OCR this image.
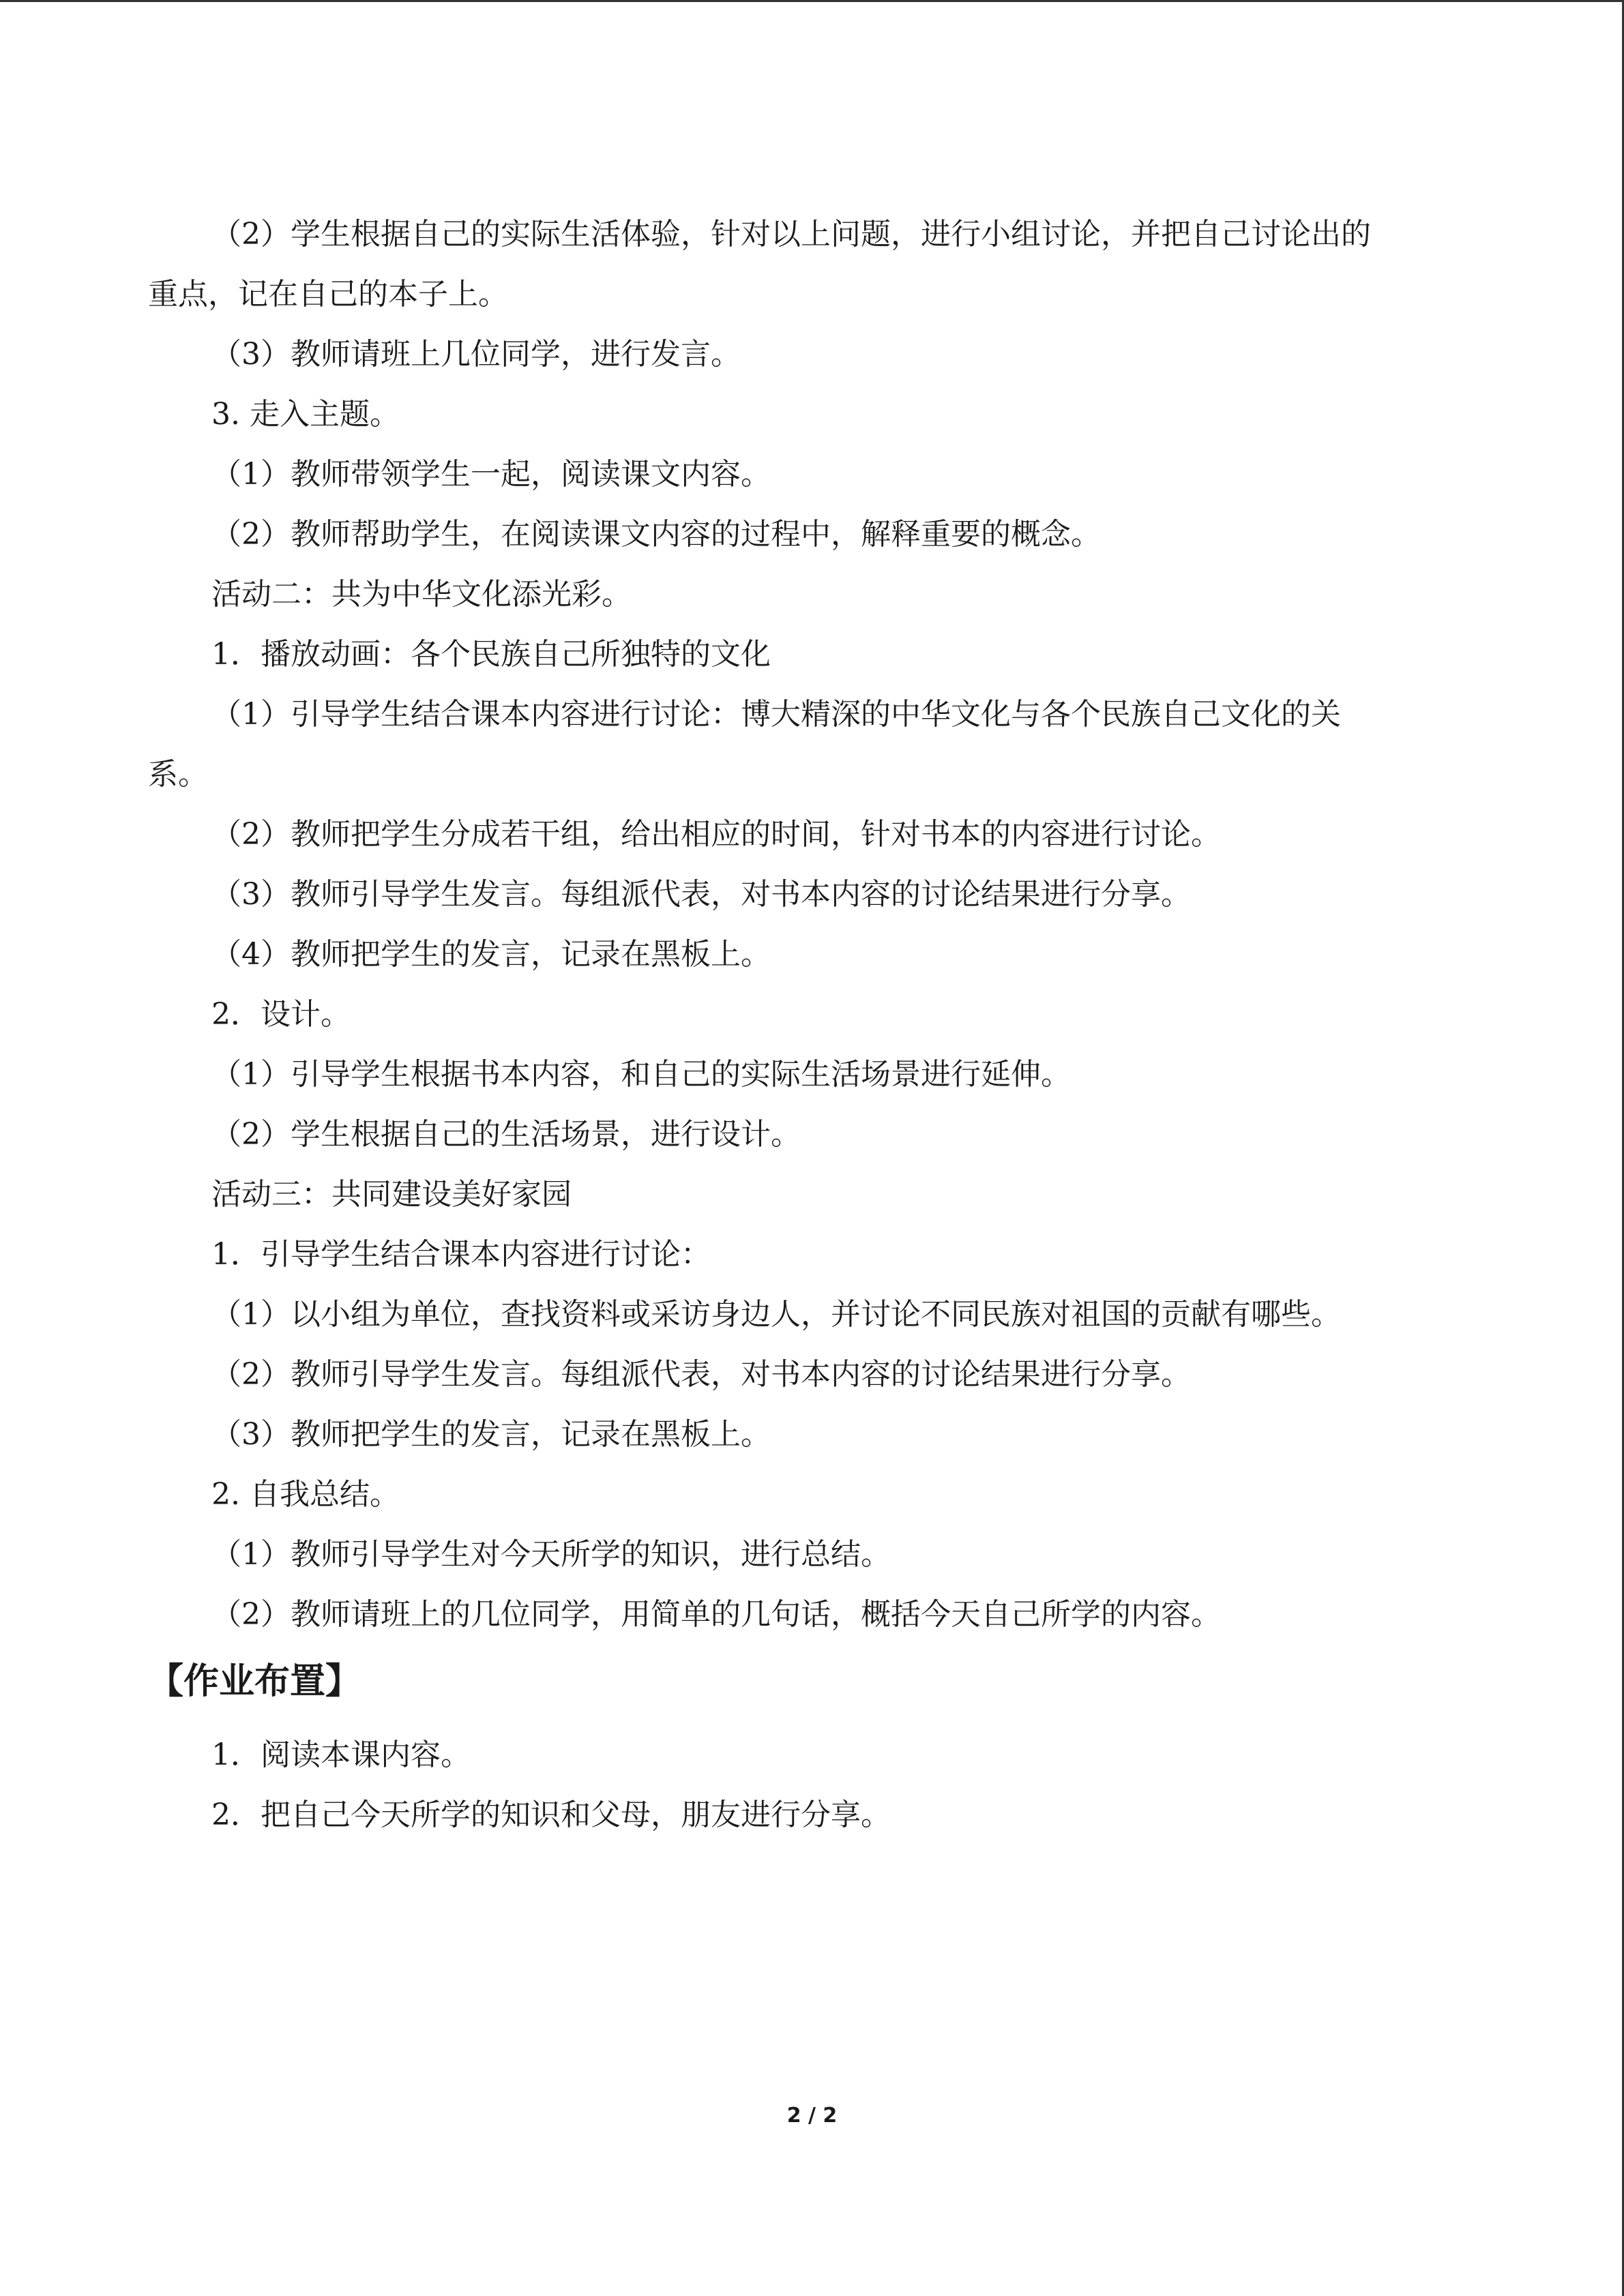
（2）学生根据自己的实际生活体验，针对以上问题，进行小组讨论，并把自己讨论出的
重点，记在自己的本子上。
（3）教师请班上几位同学，进行发言。
3. 走入主题。
（1）教师带领学生一起，阅读课文内容。
（2）教师帮助学生，在阅读课文内容的过程中，解释重要的概念。
活动二：共为中华文化添光彩。
1．播放动画：各个民族自己所独特的文化
（1）引导学生结合课本内容进行讨论：博大精深的中华文化与各个民族自己文化的关
系。
（2）教师把学生分成若干组，给出相应的时间，针对书本的内容进行讨论。
（3）教师引导学生发言。每组派代表，对书本内容的讨论结果进行分享。
（4）教师把学生的发言，记录在黑板上。
2．设计。
（1）引导学生根据书本内容，和自己的实际生活场景进行延伸。
（2）学生根据自己的生活场景，进行设计。
活动三：共同建设美好家园
1．引导学生结合课本内容进行讨论：
（1）以小组为单位，查找资料或采访身边人，并讨论不同民族对祖国的贡献有哪些。
（2）教师引导学生发言。每组派代表，对书本内容的讨论结果进行分享。
（3）教师把学生的发言，记录在黑板上。
2. 自我总结。
（1）教师引导学生对今天所学的知识，进行总结。
（2）教师请班上的几位同学，用简单的几句话，概括今天自己所学的内容。
【作业布置】
1．阅读本课内容。
2．把自己今天所学的知识和父母，朋友进行分享。
2 / 2
